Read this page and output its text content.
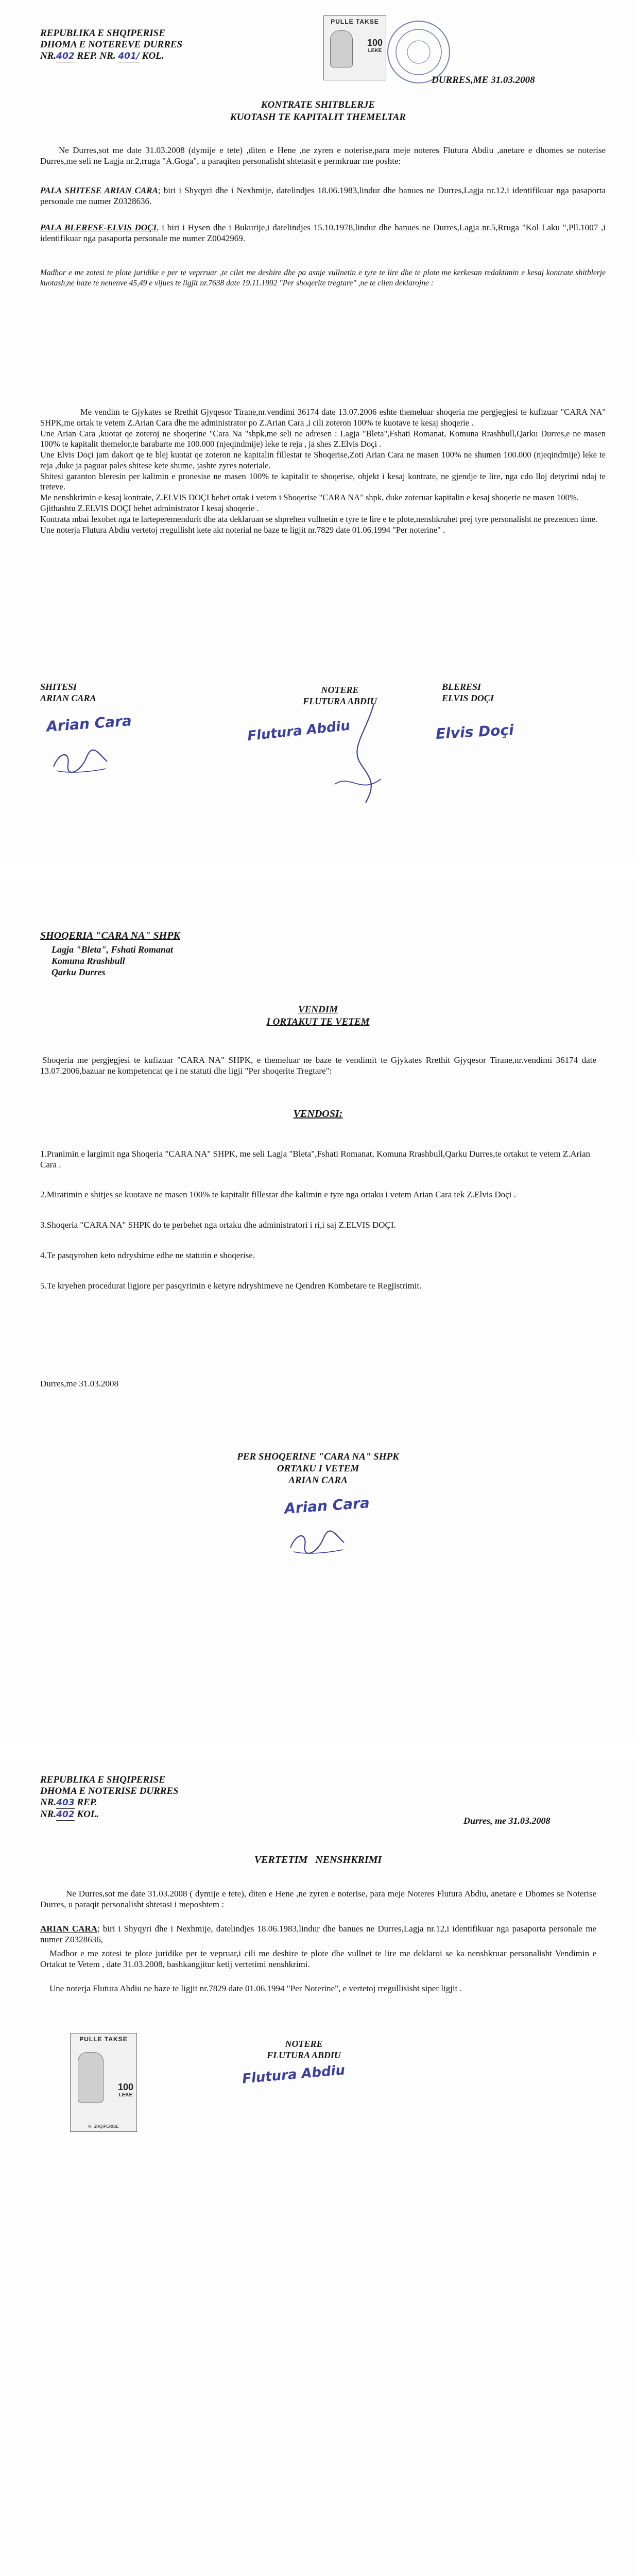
REPUBLIKA E SHQIPERISE
DHOMA E NOTEREVE DURRES
NR.402 REP. NR. 401/ KOL.
PULLE TAKSE
100
LEKE
DURRES,ME 31.03.2008
KONTRATE SHITBLERJE
KUOTASH TE KAPITALIT THEMELTAR
Ne Durres,sot me date 31.03.2008 (dymije e tete) ,diten e Hene ,ne zyren e noterise,para meje noteres Flutura Abdiu ,anetare e dhomes se noterise Durres,me seli ne Lagja nr.2,rruga "A.Goga", u paraqiten personalisht shtetasit e permkruar me poshte:
PALA SHITESE ARIAN CARA; biri i Shyqyri dhe i Nexhmije, datelindjes 18.06.1983,lindur dhe banues ne Durres,Lagja nr.12,i identifikuar nga pasaporta personale me numer Z0328636.
PALA BLERESE-ELVIS DOÇI, i biri i Hysen dhe i Bukurije,i datelindjes 15.10.1978,lindur dhe banues ne Durres,Lagja nr.5,Rruga "Kol Laku ",Pll.1007 ,i identifikuar nga pasaporta personale me numer Z0042969.
Madhor e me zotesi te plote juridike e per te veprruar ,te cilet me deshire dhe pa asnje vullnetin e tyre te lire dhe te plote me kerkesan redaktimin e kesaj kontrate shitblerje kuotash,ne baze te nenenve 45,49 e vijues te ligjit nr.7638 date 19.11.1992 "Per shoqerite tregtare" ,ne te cilen deklarojne :
Me vendim te Gjykates se Rrethit Gjyqesor Tirane,nr.vendimi 36174 date 13.07.2006 eshte themeluar shoqeria me pergjegjesi te kufizuar "CARA NA" SHPK,me ortak te vetem Z.Arian Cara dhe me administrator po Z.Arian Cara ,i cili zoteron 100% te kuotave te kesaj shoqerie .
Une Arian Cara ,kuotat qe zoteroj ne shoqerine "Cara Na "shpk,me seli ne adresen : Lagja "Bleta",Fshati Romanat, Komuna Rrashbull,Qarku Durres,e ne masen 100% te kapitalit themelor,te barabarte me 100.000 (njeqindmije) leke te reja , ja shes Z.Elvis Doçi .
Une Elvis Doçi jam dakort qe te blej kuotat qe zoteron ne kapitalin fillestar te Shoqerise,Zoti Arian Cara ne masen 100% ne shumen 100.000 (njeqindmije) leke te reja ,duke ja paguar pales shitese kete shume, jashte zyres noteriale.
Shitesi garanton bleresin per kalimin e pronesise ne masen 100% te kapitalit te shoqerise, objekt i kesaj kontrate, ne gjendje te lire, nga cdo lloj detyrimi ndaj te treteve.
Me nenshkrimin e kesaj kontrate, Z.ELVIS DOÇI behet ortak i vetem i Shoqerise "CARA NA" shpk, duke zoteruar kapitalin e kesaj shoqerie ne masen 100%.
Gjithashtu Z.ELVIS DOÇI behet administrator I kesaj shoqerie .
Kontrata mbai lexohet nga te larteperemendurit dhe ata deklaruan se shprehen vullnetin e tyre te lire e te plote,nenshkruhet prej tyre personalisht ne prezencen time.
Une noterja Flutura Abdiu vertetoj rregullisht kete akt noterial ne baze te ligjit nr.7829 date 01.06.1994 "Per noterine" .
SHITESI
ARIAN CARA
NOTERE
FLUTURA ABDIU
BLERESI
ELVIS DOÇI
Arian Cara	Flutura Abdiu	Elvis Doçi
SHOQERIA "CARA NA" SHPK
Lagja "Bleta", Fshati Romanat
Komuna Rrashbull
Qarku Durres
VENDIM
I ORTAKUT TE VETEM
Shoqeria me pergjegjesi te kufizuar "CARA NA" SHPK, e themeluar ne baze te vendimit te Gjykates Rrethit Gjyqesor Tirane,nr.vendimi 36174 date 13.07.2006,bazuar ne kompetencat qe i ne statuti dhe ligji "Per shoqerite Tregtare":
VENDOSI:
1.Pranimin e largimit nga Shoqeria "CARA NA" SHPK, me seli Lagja "Bleta",Fshati Romanat, Komuna Rrashbull,Qarku Durres,te ortakut te vetem Z.Arian Cara .
2.Miratimin e shitjes se kuotave ne masen 100% te kapitalit fillestar dhe kalimin e tyre nga ortaku i vetem Arian Cara tek Z.Elvis Doçi .
3.Shoqeria "CARA NA" SHPK do te perbehet nga ortaku dhe administratori i ri,i saj Z.ELVIS DOÇI.
4.Te pasqyrohen keto ndryshime edhe ne statutin e shoqerise.
5.Te kryehen procedurat ligjore per pasqyrimin e ketyre ndryshimeve ne Qendren Kombetare te Regjistrimit.
Durres,me 31.03.2008
PER SHOQERINE "CARA NA" SHPK
ORTAKU I VETEM
ARIAN CARA
Arian Cara
REPUBLIKA E SHQIPERISE
DHOMA E NOTERISE DURRES
NR.403 REP.
NR.402 KOL.
Durres, me 31.03.2008
VERTETIM NENSHKRIMI
Ne Durres,sot me date 31.03.2008 ( dymije e tete), diten e Hene ,ne zyren e noterise, para meje Noteres Flutura Abdiu, anetare e Dhomes se Noterise Durres, u paraqit personalisht shtetasi i meposhtem :
ARIAN CARA; biri i Shyqyri dhe i Nexhmije, datelindjes 18.06.1983,lindur dhe banues ne Durres,Lagja nr.12,i identifikuar nga pasaporta personale me numer Z0328636,
Madhor e me zotesi te plote juridike per te vepruar,i cili me deshire te plote dhe vullnet te lire me deklaroi se ka nenshkruar personalisht Vendimin e Ortakut te Vetem , date 31.03.2008, bashkangjitur ketij vertetimi nenshkrimi.
Une noterja Flutura Abdiu ne baze te ligjit nr.7829 date 01.06.1994 "Per Noterine", e vertetoj rregullisisht siper ligjit .
NOTERE
FLUTURA ABDIU
Flutura Abdiu
PULLE TAKSE
100
LEKE
R. SHQIPERISE
